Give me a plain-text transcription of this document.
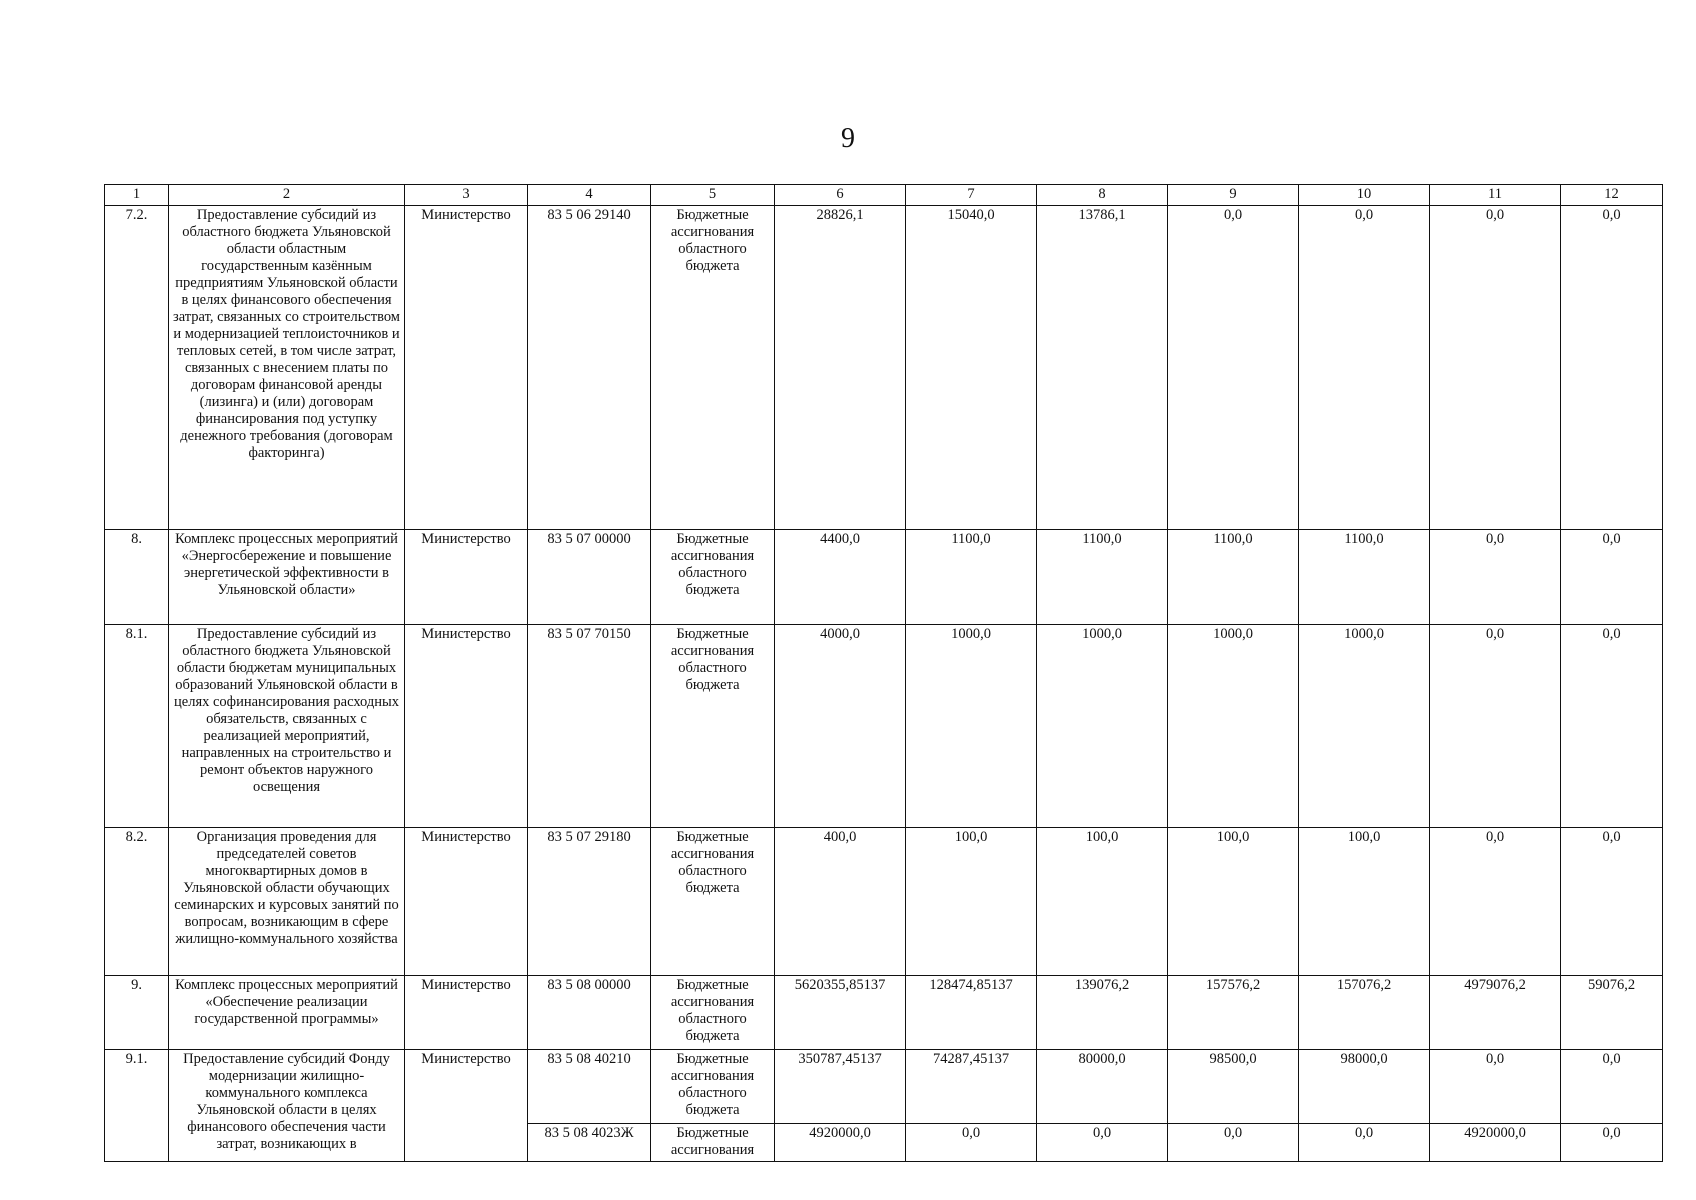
9
1	2	3	4	5	6	7	8	9	10	11	12
7.2.	Предоставление субсидий из областного бюджета Ульяновской области областным государственным казённым предприятиям Ульяновской области в целях финансового обеспечения затрат, связанных со строительством и модернизацией теплоисточников и тепловых сетей, в том числе затрат, связанных с внесением платы по договорам финансовой аренды (лизинга) и (или) договорам финансирования под уступку денежного требования (договорам факторинга)	Министерство	83 5 06 29140	Бюджетные ассигнования областного бюджета	28826,1	15040,0	13786,1	0,0	0,0	0,0	0,0
8.	Комплекс процессных мероприятий «Энергосбережение и повышение энергетической эффективности в Ульяновской области»	Министерство	83 5 07 00000	Бюджетные ассигнования областного бюджета	4400,0	1100,0	1100,0	1100,0	1100,0	0,0	0,0
8.1.	Предоставление субсидий из областного бюджета Ульяновской области бюджетам муниципальных образований Ульяновской области в целях софинансирования расходных обязательств, связанных с реализацией мероприятий, направленных на строительство и ремонт объектов наружного освещения	Министерство	83 5 07 70150	Бюджетные ассигнования областного бюджета	4000,0	1000,0	1000,0	1000,0	1000,0	0,0	0,0
8.2.	Организация проведения для председателей советов многоквартирных домов в Ульяновской области обучающих семинарских и курсовых занятий по вопросам, возникающим в сфере жилищно-коммунального хозяйства	Министерство	83 5 07 29180	Бюджетные ассигнования областного бюджета	400,0	100,0	100,0	100,0	100,0	0,0	0,0
9.	Комплекс процессных мероприятий «Обеспечение реализации государственной программы»	Министерство	83 5 08 00000	Бюджетные ассигнования областного бюджета	5620355,85137	128474,85137	139076,2	157576,2	157076,2	4979076,2	59076,2
9.1.	Предоставление субсидий Фонду модернизации жилищно-коммунального комплекса Ульяновской области в целях финансового обеспечения части затрат, возникающих в	Министерство	83 5 08 40210	Бюджетные ассигнования областного бюджета	350787,45137	74287,45137	80000,0	98500,0	98000,0	0,0	0,0
			83 5 08 4023Ж	Бюджетные ассигнования	4920000,0	0,0	0,0	0,0	0,0	4920000,0	0,0
